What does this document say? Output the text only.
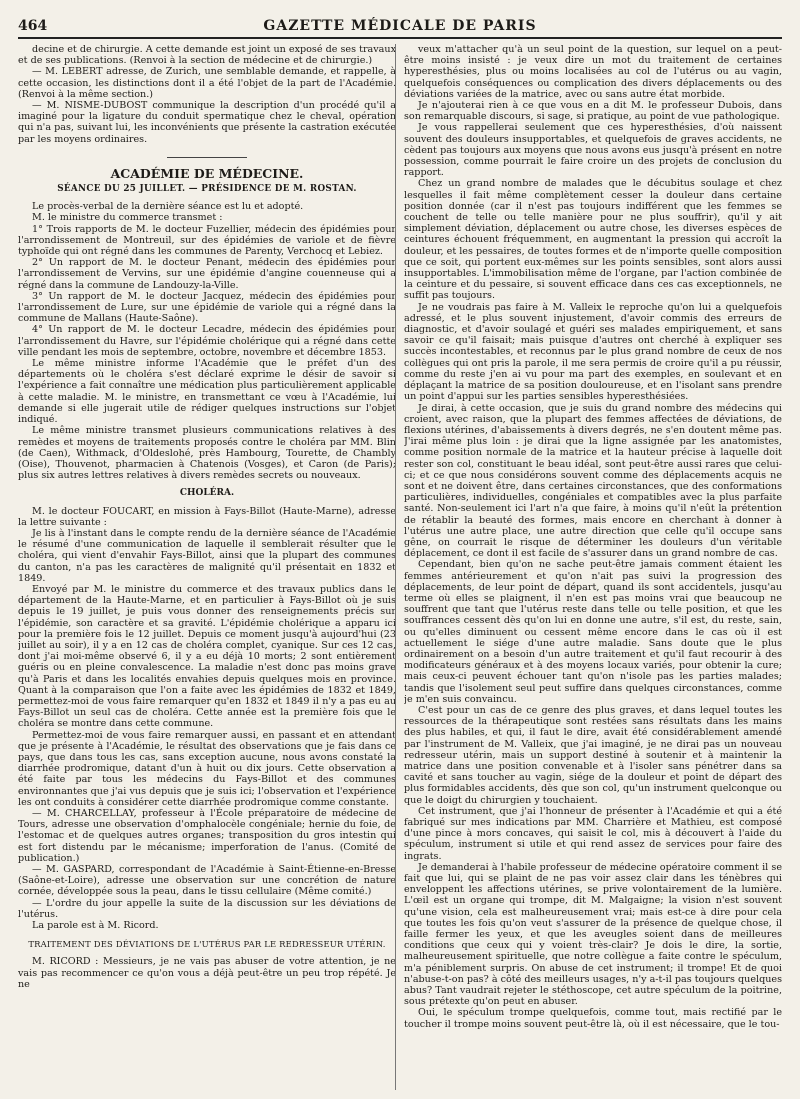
464	GAZETTE MÉDICALE DE PARIS

decine et de chirurgie. A cette demande est joint un exposé de ses travaux et de ses publications. (Renvoi à la section de médecine et de chirurgie.)

— M. LEBERT adresse, de Zurich, une semblable demande, et rappelle, à cette occasion, les distinctions dont il a été l'objet de la part de l'Académie. (Renvoi à la même section.)

— M. NISME-DUBOST communique la description d'un procédé qu'il a imaginé pour la ligature du conduit spermatique chez le cheval, opération qui n'a pas, suivant lui, les inconvénients que présente la castration exécutée par les moyens ordinaires.

ACADÉMIE DE MÉDECINE.
SÉANCE DU 25 JUILLET. — PRÉSIDENCE DE M. ROSTAN.

Le procès-verbal de la dernière séance est lu et adopté.

M. le ministre du commerce transmet :

1° Trois rapports de M. le docteur Fuzellier, médecin des épidémies pour l'arrondissement de Montreuil, sur des épidémies de variole et de fièvre typhoïde qui ont régné dans les communes de Parenty, Verchocq et Lebiez.

2° Un rapport de M. le docteur Penant, médecin des épidémies pour l'arrondissement de Vervins, sur une épidémie d'angine couenneuse qui a régné dans la commune de Landouzy-la-Ville.

3° Un rapport de M. le docteur Jacquez, médecin des épidémies pour l'arrondissement de Lure, sur une épidémie de variole qui a régné dans la commune de Mallans (Haute-Saône).

4° Un rapport de M. le docteur Lecadre, médecin des épidémies pour l'arrondissement du Havre, sur l'épidémie cholérique qui a régné dans cette ville pendant les mois de septembre, octobre, novembre et décembre 1853.

Le même ministre informe l'Académie que le préfet d'un des départements où le choléra s'est déclaré exprime le désir de savoir si l'expérience a fait connaître une médication plus particulièrement applicable à cette maladie. M. le ministre, en transmettant ce vœu à l'Académie, lui demande si elle jugerait utile de rédiger quelques instructions sur l'objet indiqué.

Le même ministre transmet plusieurs communications relatives à des remèdes et moyens de traitements proposés contre le choléra par MM. Blin (de Caen), Withmack, d'Oldeslohé, près Hambourg, Tourette, de Chambly (Oise), Thouvenot, pharmacien à Chatenois (Vosges), et Caron (de Paris); plus six autres lettres relatives à divers remèdes secrets ou nouveaux.

CHOLÉRA.

M. le docteur FOUCART, en mission à Fays-Billot (Haute-Marne), adresse la lettre suivante :

Je lis à l'instant dans le compte rendu de la dernière séance de l'Académie le résumé d'une communication de laquelle il semblerait résulter que le choléra, qui vient d'envahir Fays-Billot, ainsi que la plupart des communes du canton, n'a pas les caractères de malignité qu'il présentait en 1832 et 1849.

Envoyé par M. le ministre du commerce et des travaux publics dans le département de la Haute-Marne, et en particulier à Fays-Billot où je suis depuis le 19 juillet, je puis vous donner des renseignements précis sur l'épidémie, son caractère et sa gravité. L'épidémie cholérique a apparu ici pour la première fois le 12 juillet. Depuis ce moment jusqu'à aujourd'hui (23 juillet au soir), il y a en 12 cas de choléra complet, cyanique. Sur ces 12 cas, dont j'ai moi-même observé 6, il y a eu déjà 10 morts; 2 sont entièrement guéris ou en pleine convalescence. La maladie n'est donc pas moins grave qu'à Paris et dans les localités envahies depuis quelques mois en province. Quant à la comparaison que l'on a faite avec les épidémies de 1832 et 1849, permettez-moi de vous faire remarquer qu'en 1832 et 1849 il n'y a pas eu au Fays-Billot un seul cas de choléra. Cette année est la première fois que le choléra se montre dans cette commune.

Permettez-moi de vous faire remarquer aussi, en passant et en attendant que je présente à l'Académie, le résultat des observations que je fais dans ce pays, que dans tous les cas, sans exception aucune, nous avons constaté la diarrhée prodromique, datant d'un à huit ou dix jours. Cette observation a été faite par tous les médecins du Fays-Billot et des communes environnantes que j'ai vus depuis que je suis ici; l'observation et l'expérience les ont conduits à considérer cette diarrhée prodromique comme constante.

— M. CHARCELLAY, professeur à l'École préparatoire de médecine de Tours, adresse une observation d'omphalocèle congéniale; hernie du foie, de l'estomac et de quelques autres organes; transposition du gros intestin qui est fort distendu par le mécanisme; imperforation de l'anus. (Comité de publication.)

— M. GASPARD, correspondant de l'Académie à Saint-Étienne-en-Bresse (Saône-et-Loire), adresse une observation sur une concrétion de nature cornée, développée sous la peau, dans le tissu cellulaire (Même comité.)

— L'ordre du jour appelle la suite de la discussion sur les déviations de l'utérus.

La parole est à M. Ricord.

TRAITEMENT DES DÉVIATIONS DE L'UTÉRUS PAR LE REDRESSEUR UTÉRIN.

M. RICORD : Messieurs, je ne vais pas abuser de votre attention, je ne vais pas recommencer ce qu'on vous a déjà peut-être un peu trop répété. Je ne

veux m'attacher qu'à un seul point de la question, sur lequel on a peut-être moins insisté : je veux dire un mot du traitement de certaines hyperesthésies, plus ou moins localisées au col de l'utérus ou au vagin, quelquefois conséquences ou complication des divers déplacements ou des déviations variées de la matrice, avec ou sans autre état morbide.

Je n'ajouterai rien à ce que vous en a dit M. le professeur Dubois, dans son remarquable discours, si sage, si pratique, au point de vue pathologique.

Je vous rappellerai seulement que ces hyperesthésies, d'où naissent souvent des douleurs insupportables, et quelquefois de graves accidents, ne cèdent pas toujours aux moyens que nous avons eus jusqu'à présent en notre possession, comme pourrait le faire croire un des projets de conclusion du rapport.

Chez un grand nombre de malades que le décubitus soulage et chez lesquelles il fait même complètement cesser la douleur dans certaine position donnée (car il n'est pas toujours indifférent que les femmes se couchent de telle ou telle manière pour ne plus souffrir), qu'il y ait simplement déviation, déplacement ou autre chose, les diverses espèces de ceintures échouent fréquemment, en augmentant la pression qui accroît la douleur, et les pessaires, de toutes formes et de n'importe quelle composition que ce soit, qui portent eux-mêmes sur les points sensibles, sont alors aussi insupportables. L'immobilisation même de l'organe, par l'action combinée de la ceinture et du pessaire, si souvent efficace dans ces cas exceptionnels, ne suffit pas toujours.

Je ne voudrais pas faire à M. Valleix le reproche qu'on lui a quelquefois adressé, et le plus souvent injustement, d'avoir commis des erreurs de diagnostic, et d'avoir soulagé et guéri ses malades empiriquement, et sans savoir ce qu'il faisait; mais puisque d'autres ont cherché à expliquer ses succès incontestables, et reconnus par le plus grand nombre de ceux de nos collègues qui ont pris la parole, il me sera permis de croire qu'il a pu réussir, comme du reste j'en ai vu pour ma part des exemples, en soulevant et en déplaçant la matrice de sa position douloureuse, et en l'isolant sans prendre un point d'appui sur les parties sensibles hyperesthésiées.

Je dirai, à cette occasion, que je suis du grand nombre des médecins qui croient, avec raison, que la plupart des femmes affectées de déviations, de flexions utérines, d'abaissements à divers degrés, ne s'en doutent même pas. J'irai même plus loin : je dirai que la ligne assignée par les anatomistes, comme position normale de la matrice et la hauteur précise à laquelle doit rester son col, constituant le beau idéal, sont peut-être aussi rares que celui-ci; et ce que nous considérons souvent comme des déplacements acquis ne sont et ne doivent être, dans certaines circonstances, que des conformations particulières, individuelles, congéniales et compatibles avec la plus parfaite santé. Non-seulement ici l'art n'a que faire, à moins qu'il n'eût la prétention de rétablir la beauté des formes, mais encore en cherchant à donner à l'utérus une autre place, une autre direction que celle qu'il occupe sans gêne, on courrait le risque de déterminer les douleurs d'un véritable déplacement, ce dont il est facile de s'assurer dans un grand nombre de cas.

Cependant, bien qu'on ne sache peut-être jamais comment étaient les femmes antérieurement et qu'on n'ait pas suivi la progression des déplacements, de leur point de départ, quand ils sont accidentels, jusqu'au terme où elles se plaignent, il n'en est pas moins vrai que beaucoup ne souffrent que tant que l'utérus reste dans telle ou telle position, et que les souffrances cessent dès qu'on lui en donne une autre, s'il est, du reste, sain, ou qu'elles diminuent ou cessent même encore dans le cas où il est actuellement le siége d'une autre maladie. Sans doute que le plus ordinairement on a besoin d'un autre traitement et qu'il faut recourir à des modificateurs généraux et à des moyens locaux variés, pour obtenir la cure; mais ceux-ci peuvent échouer tant qu'on n'isole pas les parties malades; tandis que l'isolement seul peut suffire dans quelques circonstances, comme je m'en suis convaincu.

C'est pour un cas de ce genre des plus graves, et dans lequel toutes les ressources de la thérapeutique sont restées sans résultats dans les mains des plus habiles, et qui, il faut le dire, avait été considérablement amendé par l'instrument de M. Valleix, que j'ai imaginé, je ne dirai pas un nouveau redresseur utérin, mais un support destiné à soutenir et à maintenir la matrice dans une position convenable et à l'isoler sans pénétrer dans sa cavité et sans toucher au vagin, siége de la douleur et point de départ des plus formidables accidents, dès que son col, qu'un instrument quelconque ou que le doigt du chirurgien y touchaient.

Cet instrument, que j'ai l'honneur de présenter à l'Académie et qui a été fabriqué sur mes indications par MM. Charrière et Mathieu, est composé d'une pince à mors concaves, qui saisit le col, mis à découvert à l'aide du spéculum, instrument si utile et qui rend assez de services pour faire des ingrats.

Je demanderai à l'habile professeur de médecine opératoire comment il se fait que lui, qui se plaint de ne pas voir assez clair dans les ténèbres qui enveloppent les affections utérines, se prive volontairement de la lumière. L'œil est un organe qui trompe, dit M. Malgaigne; la vision n'est souvent qu'une vision, cela est malheureusement vrai; mais est-ce à dire pour cela que toutes les fois qu'on veut s'assurer de la présence de quelque chose, il faille fermer les yeux, et que les aveugles soient dans de meilleures conditions que ceux qui y voient très-clair? Je dois le dire, la sortie, malheureusement spirituelle, que notre collègue a faite contre le spéculum, m'a péniblement surpris. On abuse de cet instrument; il trompe! Et de quoi n'abuse-t-on pas? à côté des meilleurs usages, n'y a-t-il pas toujours quelques abus? Tant vaudrait rejeter le stéthoscope, cet autre spéculum de la poitrine, sous prétexte qu'on peut en abuser.

Oui, le spéculum trompe quelquefois, comme tout, mais rectifié par le toucher il trompe moins souvent peut-être là, où il est nécessaire, que le tou-
